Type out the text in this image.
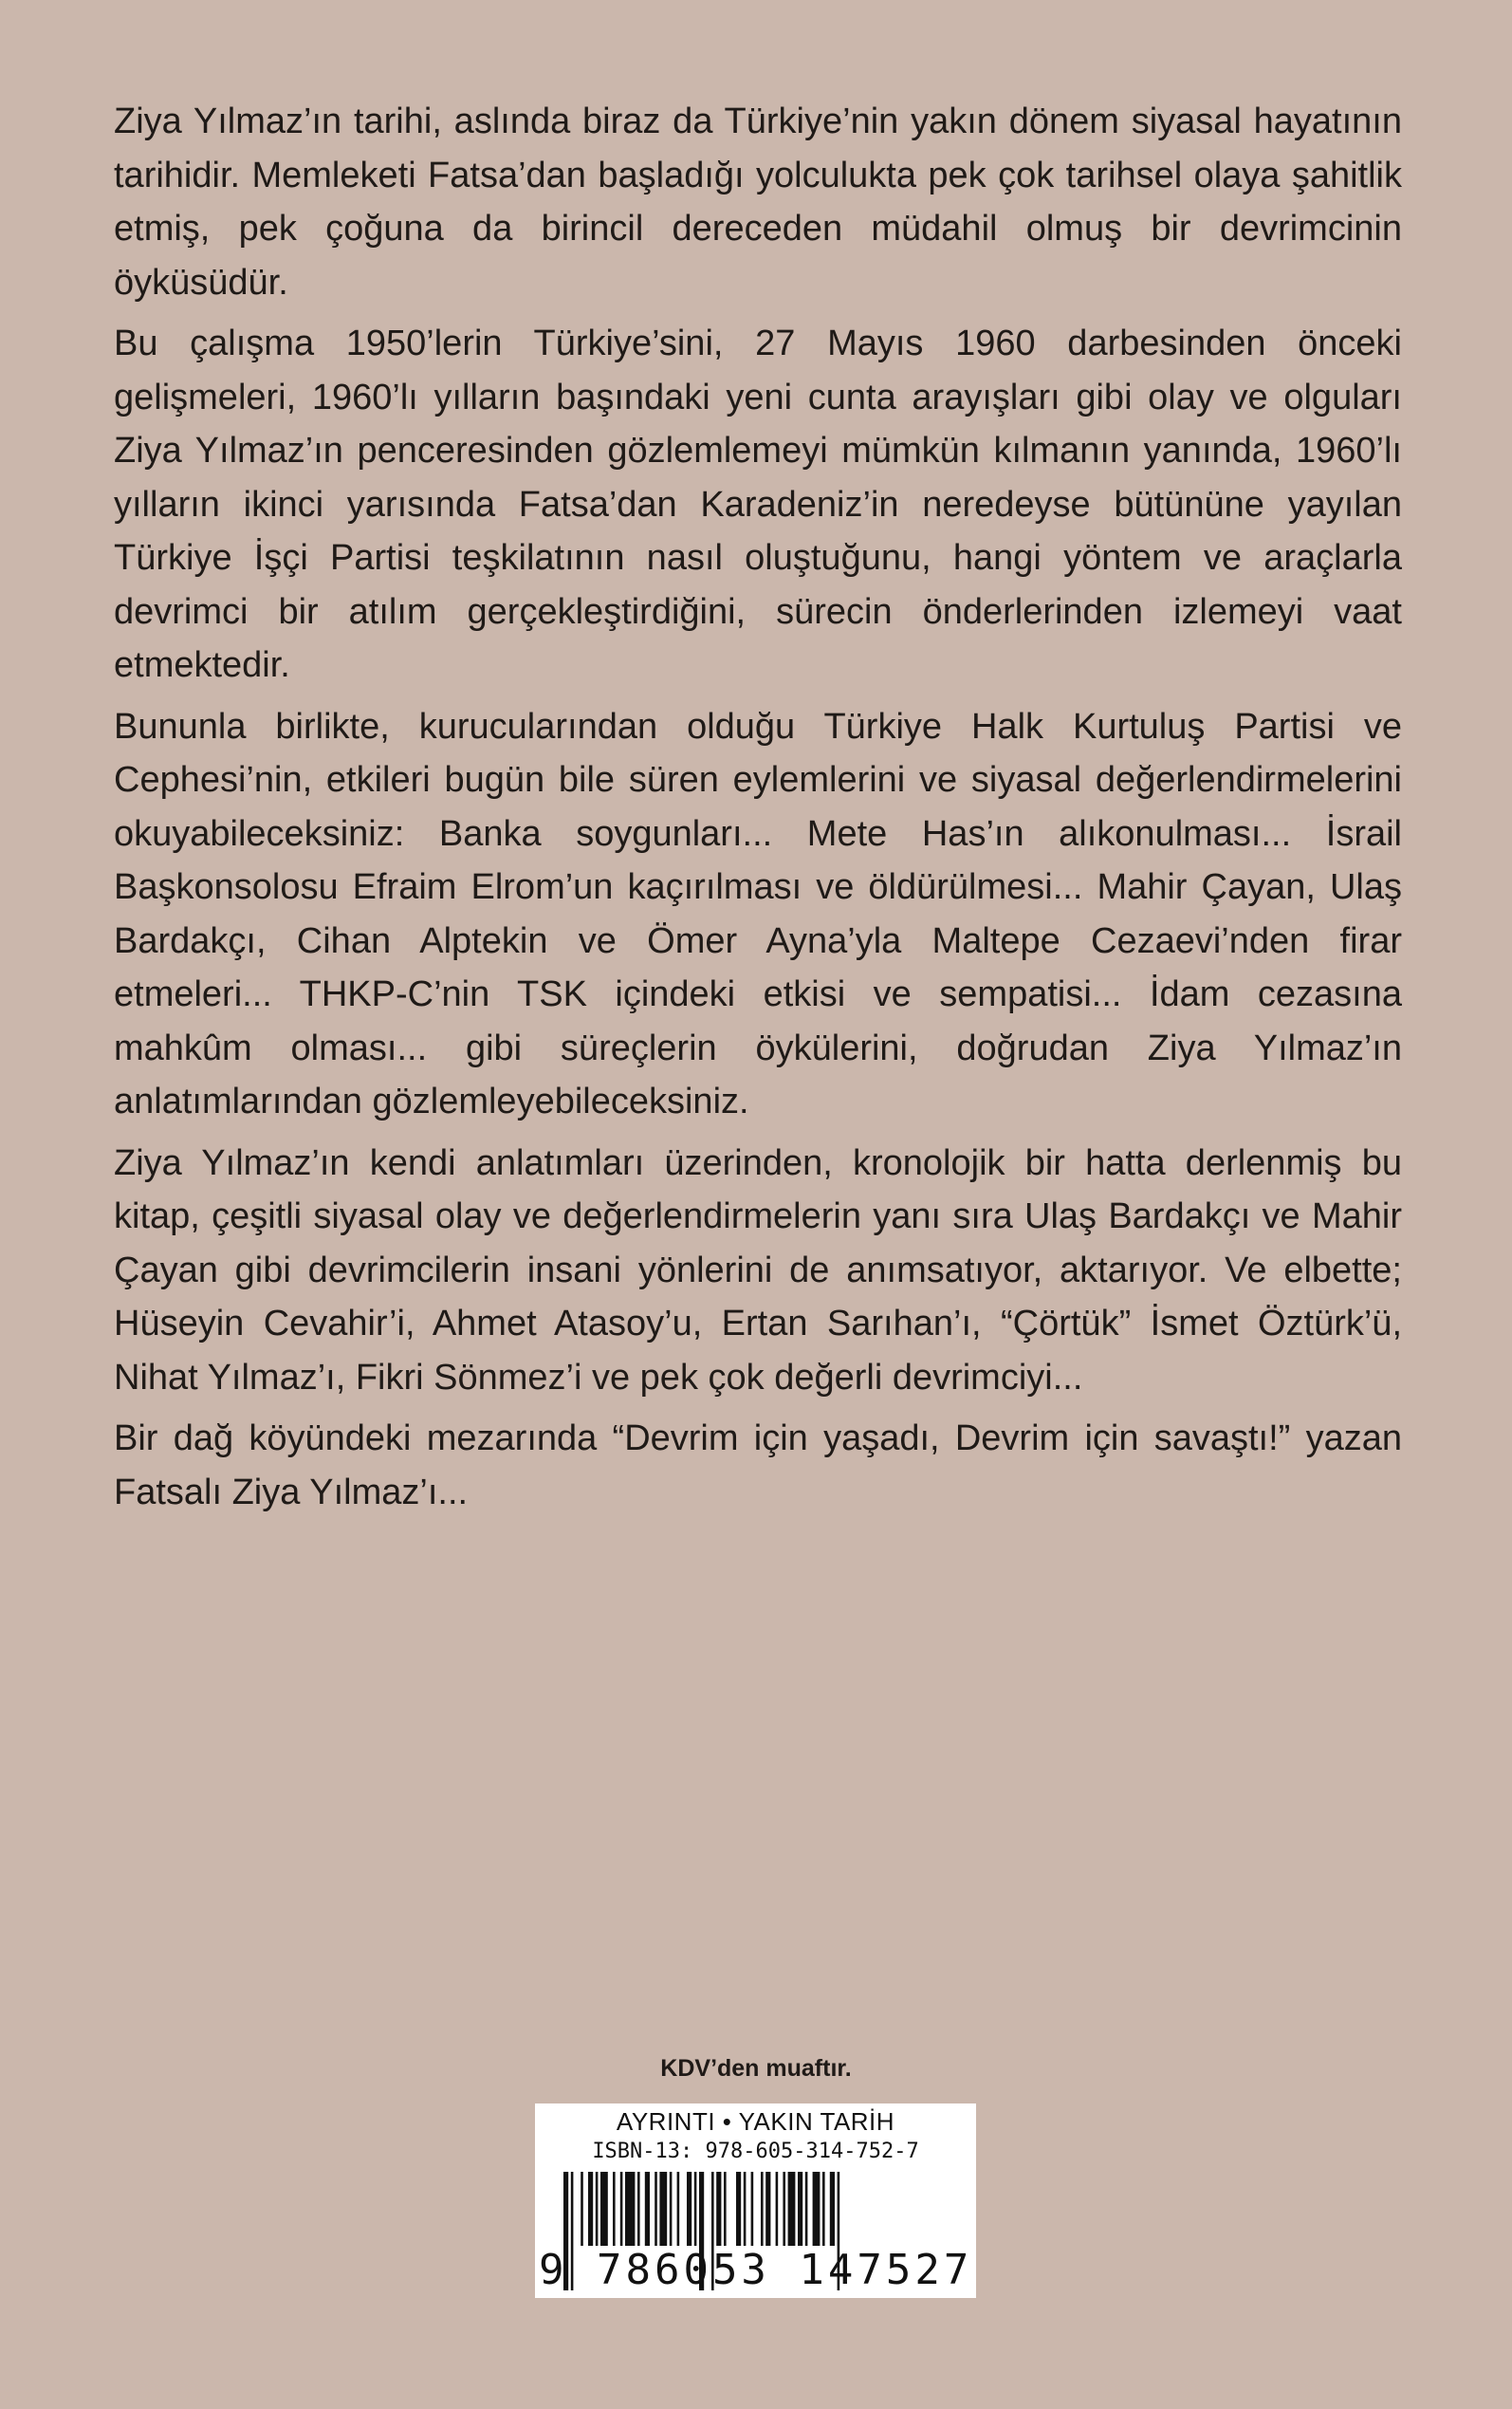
Ziya Yılmaz’ın tarihi, aslında biraz da Türkiye’nin yakın dönem siyasal hayatının tarihidir. Memleketi Fatsa’dan başladığı yolculukta pek çok tarihsel olaya şahitlik etmiş, pek çoğuna da birincil dereceden müdahil olmuş bir devrimcinin öyküsüdür.

Bu çalışma 1950’lerin Türkiye’sini, 27 Mayıs 1960 darbesinden önceki gelişmeleri, 1960’lı yılların başındaki yeni cunta arayışları gibi olay ve olguları Ziya Yılmaz’ın penceresinden gözlemlemeyi mümkün kılmanın yanında, 1960’lı yılların ikinci yarısında Fatsa’dan Karadeniz’in neredeyse bütününe yayılan Türkiye İşçi Partisi teşkilatının nasıl oluştuğunu, hangi yöntem ve araçlarla devrimci bir atılım gerçekleştirdiğini, sürecin önderlerinden izlemeyi vaat etmektedir.

Bununla birlikte, kurucularından olduğu Türkiye Halk Kurtuluş Partisi ve Cephesi’nin, etkileri bugün bile süren eylemlerini ve siyasal değerlendirmelerini okuyabileceksiniz: Banka soygunları... Mete Has’ın alıkonulması... İsrail Başkonsolosu Efraim Elrom’un kaçırılması ve öldürülmesi... Mahir Çayan, Ulaş Bardakçı, Cihan Alptekin ve Ömer Ayna’yla Maltepe Cezaevi’nden firar etmeleri... THKP-C’nin TSK içindeki etkisi ve sempatisi... İdam cezasına mahkûm olması... gibi süreçlerin öykülerini, doğrudan Ziya Yılmaz’ın anlatımlarından gözlemleyebileceksiniz.

Ziya Yılmaz’ın kendi anlatımları üzerinden, kronolojik bir hatta derlenmiş bu kitap, çeşitli siyasal olay ve değerlendirmelerin yanı sıra Ulaş Bardakçı ve Mahir Çayan gibi devrimcilerin insani yönlerini de anımsatıyor, aktarıyor. Ve elbette; Hüseyin Cevahir’i, Ahmet Atasoy’u, Ertan Sarıhan’ı, “Çörtük” İsmet Öztürk’ü, Nihat Yılmaz’ı, Fikri Sönmez’i ve pek çok değerli devrimciyi...

Bir dağ köyündeki mezarında “Devrim için yaşadı, Devrim için savaştı!” yazan Fatsalı Ziya Yılmaz’ı...

KDV’den muaftır.
AYRINTI • YAKIN TARİH
ISBN-13: 978-605-314-752-7
9 786053 147527
